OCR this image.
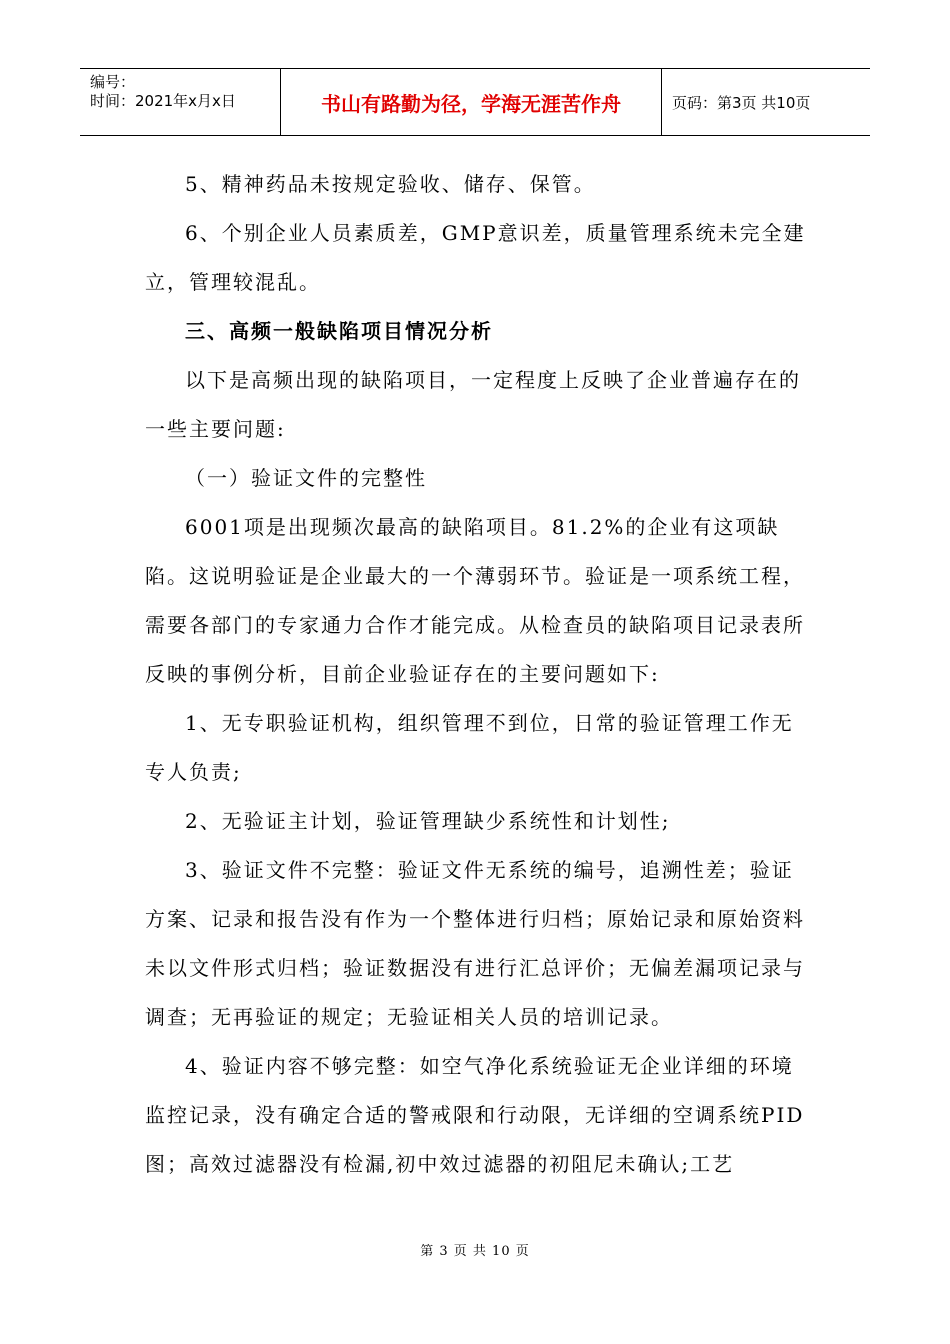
编号：
时间：2021年x月x日	书山有路勤为径，学海无涯苦作舟	页码：第3页 共10页

5、精神药品未按规定验收、储存、保管。

6、个别企业人员素质差，GMP意识差，质量管理系统未完全建立，管理较混乱。

三、高频一般缺陷项目情况分析

以下是高频出现的缺陷项目，一定程度上反映了企业普遍存在的一些主要问题:

（一）验证文件的完整性

6001项是出现频次最高的缺陷项目。81.2%的企业有这项缺陷。这说明验证是企业最大的一个薄弱环节。验证是一项系统工程，需要各部门的专家通力合作才能完成。从检查员的缺陷项目记录表所反映的事例分析，目前企业验证存在的主要问题如下:

1、无专职验证机构，组织管理不到位，日常的验证管理工作无专人负责;

2、无验证主计划，验证管理缺少系统性和计划性;

3、验证文件不完整：验证文件无系统的编号，追溯性差；验证方案、记录和报告没有作为一个整体进行归档；原始记录和原始资料未以文件形式归档；验证数据没有进行汇总评价；无偏差漏项记录与调查；无再验证的规定；无验证相关人员的培训记录。

4、验证内容不够完整：如空气净化系统验证无企业详细的环境监控记录，没有确定合适的警戒限和行动限，无详细的空调系统PID图；高效过滤器没有检漏,初中效过滤器的初阻尼未确认;工艺

第 3 页 共 10 页
